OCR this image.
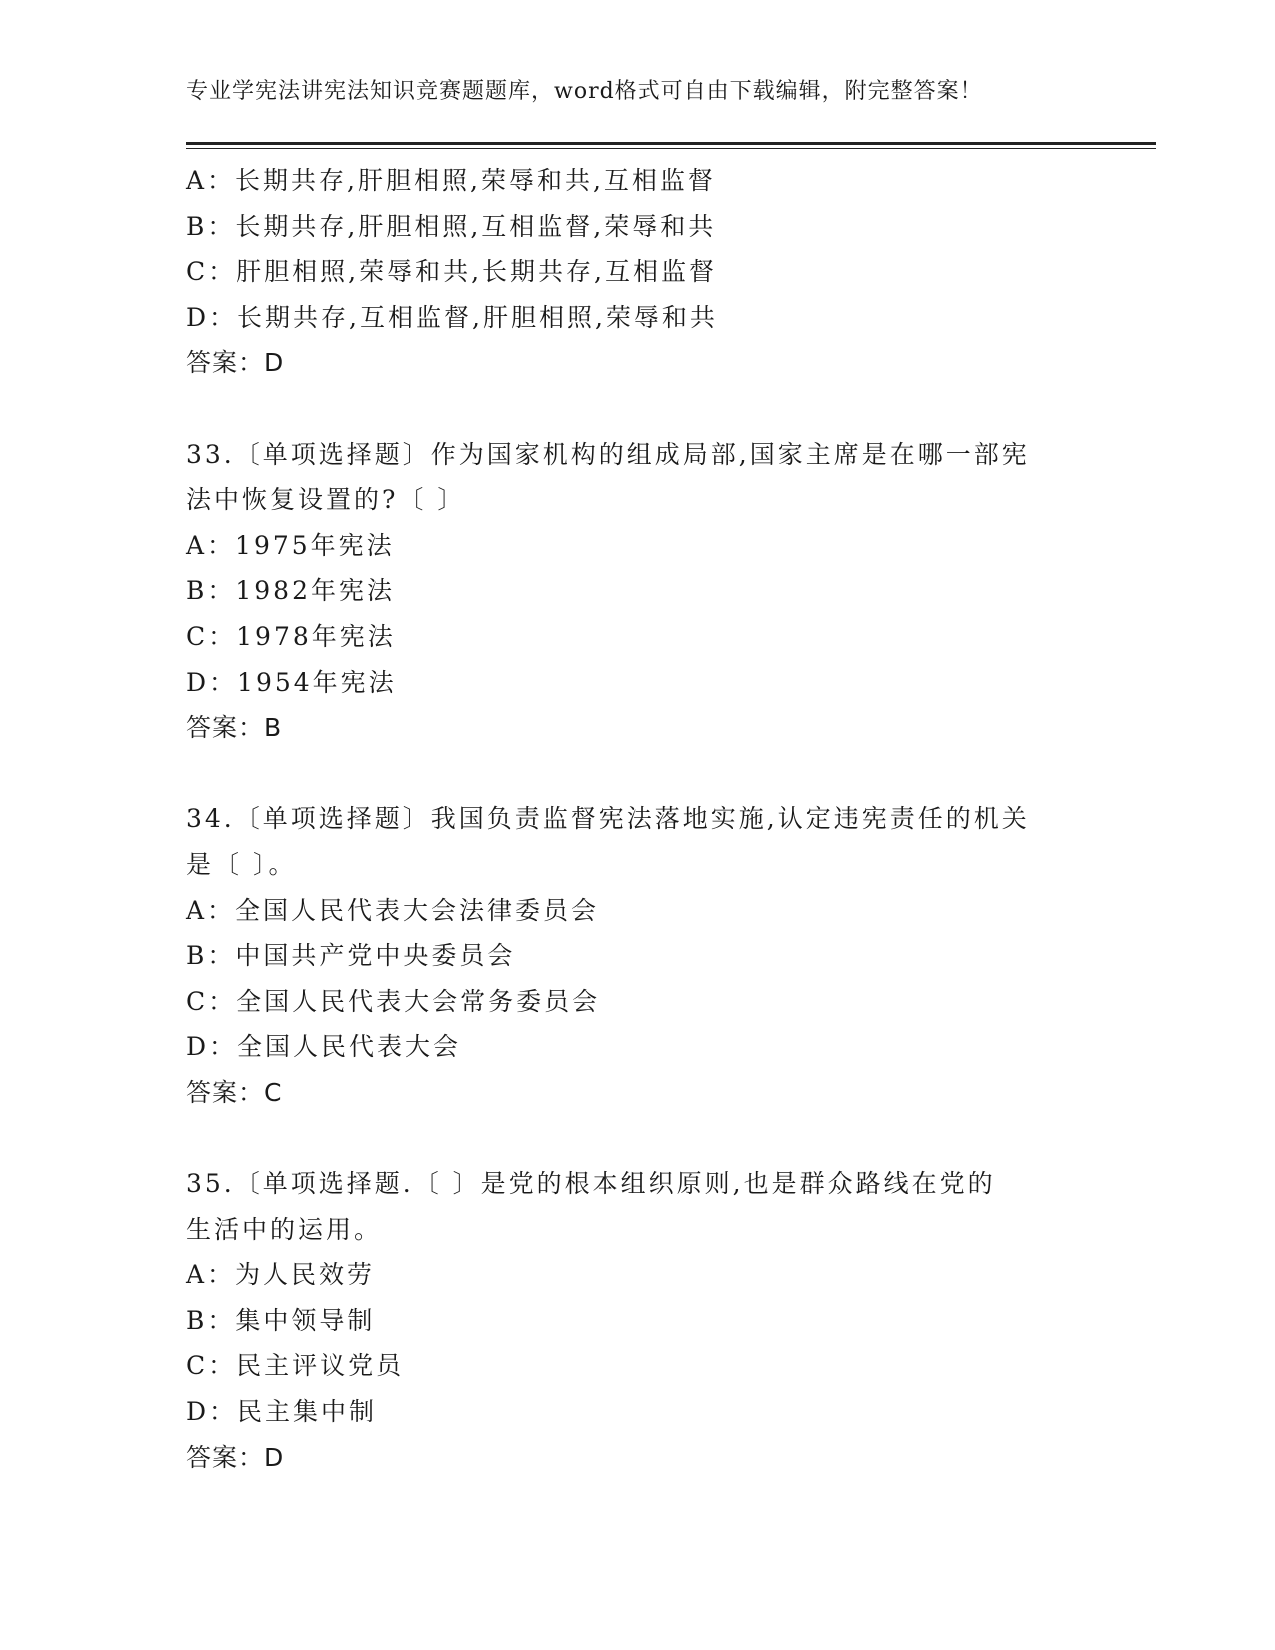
专业学宪法讲宪法知识竞赛题题库，word格式可自由下载编辑，附完整答案！
A：长期共存,肝胆相照,荣辱和共,互相监督
B：长期共存,肝胆相照,互相监督,荣辱和共
C：肝胆相照,荣辱和共,长期共存,互相监督
D：长期共存,互相监督,肝胆相照,荣辱和共
答案：D
33.〔单项选择题〕作为国家机构的组成局部,国家主席是在哪一部宪
法中恢复设置的?〔 〕
A：1975年宪法
B：1982年宪法
C：1978年宪法
D：1954年宪法
答案：B
34.〔单项选择题〕我国负责监督宪法落地实施,认定违宪责任的机关
是〔 〕。
A：全国人民代表大会法律委员会
B：中国共产党中央委员会
C：全国人民代表大会常务委员会
D：全国人民代表大会
答案：C
35.〔单项选择题.〔 〕是党的根本组织原则,也是群众路线在党的
生活中的运用。
A：为人民效劳
B：集中领导制
C：民主评议党员
D：民主集中制
答案：D
